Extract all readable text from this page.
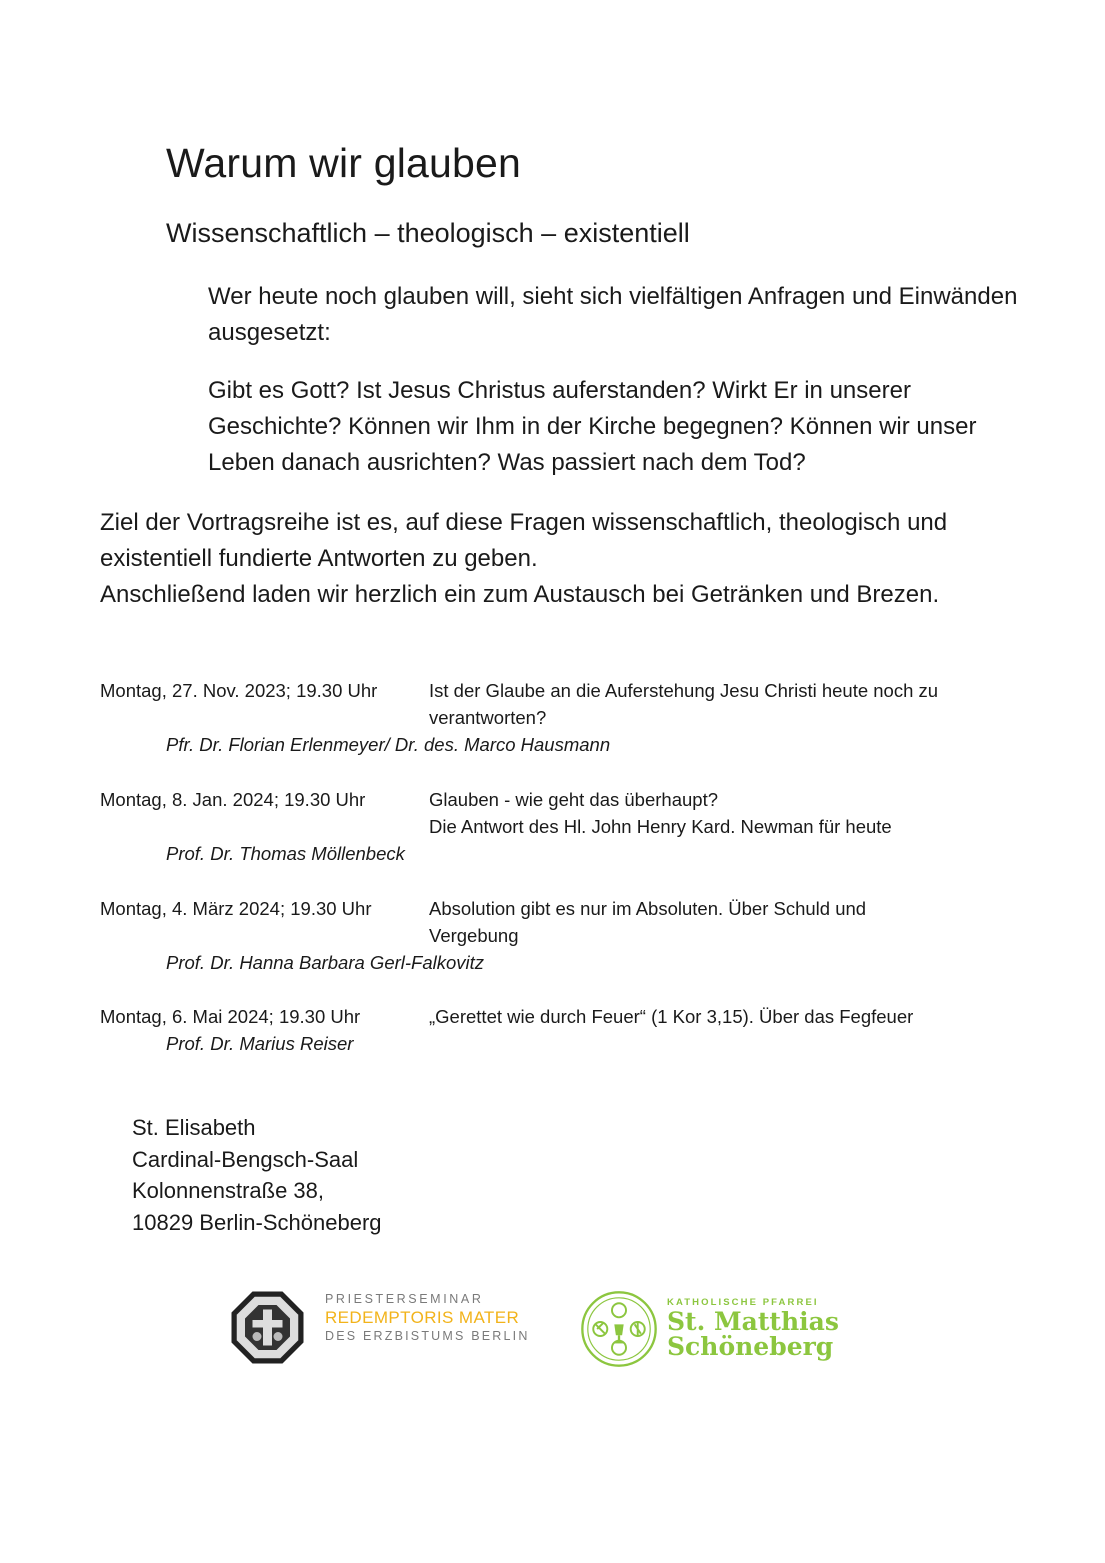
Warum wir glauben
Wissenschaftlich – theologisch – existentiell

Wer heute noch glauben will, sieht sich vielfältigen Anfragen und Einwänden ausgesetzt:

Gibt es Gott? Ist Jesus Christus auferstanden? Wirkt Er in unserer Geschichte? Können wir Ihm in der Kirche begegnen? Können wir unser Leben danach ausrichten? Was passiert nach dem Tod?

Ziel der Vortragsreihe ist es, auf diese Fragen wissenschaftlich, theologisch und existentiell fundierte Antworten zu geben.
Anschließend laden wir herzlich ein zum Austausch bei Getränken und Brezen.

Montag, 27. Nov. 2023; 19.30 Uhr	Ist der Glaube an die Auferstehung Jesu Christi heute noch zu verantworten?
Pfr. Dr. Florian Erlenmeyer/ Dr. des. Marco Hausmann
Montag, 8. Jan. 2024; 19.30 Uhr	Glauben - wie geht das überhaupt?
Die Antwort des Hl. John Henry Kard. Newman für heute
Prof. Dr. Thomas Möllenbeck
Montag, 4. März 2024; 19.30 Uhr	Absolution gibt es nur im Absoluten. Über Schuld und Vergebung
Prof. Dr. Hanna Barbara Gerl-Falkovitz
Montag, 6. Mai 2024; 19.30 Uhr	„Gerettet wie durch Feuer“ (1 Kor 3,15). Über das Fegfeuer
Prof. Dr. Marius Reiser
St. Elisabeth
Cardinal-Bengsch-Saal
Kolonnenstraße 38,
10829 Berlin-Schöneberg
PRIESTERSEMINAR
REDEMPTORIS MATER
DES ERZBISTUMS BERLIN
KATHOLISCHE PFARREI
St. Matthias
Schöneberg
